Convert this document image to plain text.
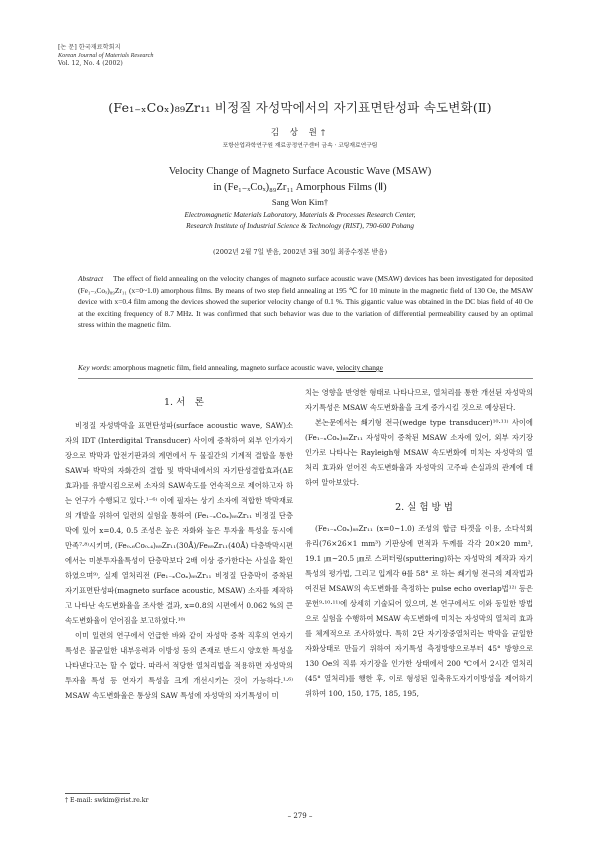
[논 문] 한국재료학회지
Korean Journal of Materials Research
Vol. 12, No. 4 (2002)
(Fe₁₋ₓCoₓ)₈₉Zr₁₁ 비정질 자성막에서의 자기표면탄성파 속도변화(Ⅱ)
김 상 원†
포항산업과학연구원 재료공정연구센터 금속 · 코팅재료연구팀
Velocity Change of Magneto Surface Acoustic Wave (MSAW)
in (Fe₁₋ₓCoₓ)₈₉Zr₁₁ Amorphous Films (Ⅱ)
Sang Won Kim†
Electromagnetic Materials Laboratory, Materials & Processes Research Center,
Research Institute of Industrial Science & Technology (RIST), 790-600 Pohang
(2002년 2월 7일 받음, 2002년 3월 30일 최종수정본 받음)
Abstract The effect of field annealing on the velocity changes of magneto surface acoustic wave (MSAW) devices has been investigated for deposited (Fe₁₋ₓCoₓ)₈₉Zr₁₁ (x=0~1.0) amorphous films. By means of two step field annealing at 195 ℃ for 10 minute in the magnetic field of 130 Oe, the MSAW device with x=0.4 film among the devices showed the superior velocity change of 0.1 %. This gigantic value was obtained in the DC bias field of 40 Oe at the exciting frequency of 8.7 MHz. It was confirmed that such behavior was due to the variation of differential permeability caused by an optimal stress within the magnetic film.
Key words: amorphous magnetic film, field annealing, magneto surface acoustic wave, velocity change

1. 서　론

비정질 자성박막을 표면탄성파(surface acoustic wave, SAW)소자의 IDT (Interdigital Transducer) 사이에 증착하여 외부 인가자기장으로 박막과 압전기판과의 계면에서 두 물질간의 기계적 결합을 통한 SAW파 박막의 자화간의 결합 및 박막내에서의 자기탄성결합효과(ΔE효과)를 유발시킴으로써 소자의 SAW속도를 연속적으로 제어하고자 하는 연구가 수행되고 있다.¹⁻⁶⁾ 이에 필자는 상기 소자에 적합한 박막재료의 개발을 위하여 일련의 실험을 통하여 (Fe₁₋ₓCoₓ)₈₉Zr₁₁ 비정질 단층막에 있어 x=0.4, 0.5 조성은 높은 자화와 높은 투자율 특성을 동시에 만족⁷·⁸⁾시키며, (Fe₀.₆Co₀.₄)₈₉Zr₁₁(30Å)/Fe₈₉Zr₁₁(40Å) 다층박막시편에서는 미분투자율특성이 단층막보다 2배 이상 증가한다는 사실을 확인하였으며⁹⁾, 실제 열처리전 (Fe₁₋ₓCoₓ)₈₉Zr₁₁ 비정질 단층막이 증착된 자기표면탄성파(magneto surface acoustic, MSAW) 소자를 제작하고 나타난 속도변화율을 조사한 결과, x=0.8의 시편에서 0.062 %의 큰 속도변화율이 얻어짐을 보고하였다.¹⁰⁾

이미 일련의 연구에서 언급한 바와 같이 자성막 증착 직후의 연자기 특성은 불균일한 내부응력과 이방성 등의 존재로 반드시 양호한 특성을 나타낸다고는 할 수 없다. 따라서 적당한 열처리법을 적용하면 자성막의 투자율 특성 등 연자기 특성을 크게 개선시키는 것이 가능하다.¹·⁶⁾ MSAW 속도변화율은 통상의 SAW 특성에 자성막의 자기특성이 미

치는 영향을 반영한 형태로 나타나므로, 열처리를 통한 개선된 자성막의 자기특성은 MSAW 속도변화율을 크게 증가시킬 것으로 예상된다.

본논문에서는 쐐기형 전극(wedge type transducer)¹⁰·¹¹⁾ 사이에 (Fe₁₋ₓCoₓ)₈₉Zr₁₁ 자성막이 증착된 MSAW 소자에 있어, 외부 자기장 인가로 나타나는 Rayleigh형 MSAW 속도변화에 미치는 자성막의 열처리 효과와 얻어진 속도변화율과 자성막의 고주파 손실과의 관계에 대하여 알아보았다.

2. 실 험 방 법

(Fe₁₋ₓCoₓ)₈₉Zr₁₁ (x=0~1.0) 조성의 합금 타겟을 이용, 소다석회유리(76×26×1 mm³) 기판상에 면적과 두께를 각각 20×20 mm², 19.1 ㎛~20.5 ㎛로 스퍼터링(sputtering)하는 자성막의 제작과 자기특성의 평가법, 그리고 입계각 θ를 58° 로 하는 쐐기형 전극의 제작법과 여진된 MSAW의 속도변화를 측정하는 pulse echo overlap법¹²⁾ 등은 문헌⁹·¹⁰·¹¹⁾에 상세히 기술되어 있으며, 본 연구에서도 이와 동일한 방법으로 실험을 수행하여 MSAW 속도변화에 미치는 자성막의 열처리 효과를 체계적으로 조사하였다. 특히 2단 자기장중열처리는 박막을 균일한 자화상태로 만들기 위하여 자기특성 측정방향으로부터 45° 방향으로 130 Oe의 직류 자기장을 인가한 상태에서 200 ℃에서 2시간 열처리(45° 열처리)를 행한 후, 이로 형성된 일축유도자기이방성을 제어하기 위하여 100, 150, 175, 185, 195,

† E-mail: swkim@rist.re.kr
– 279 –
